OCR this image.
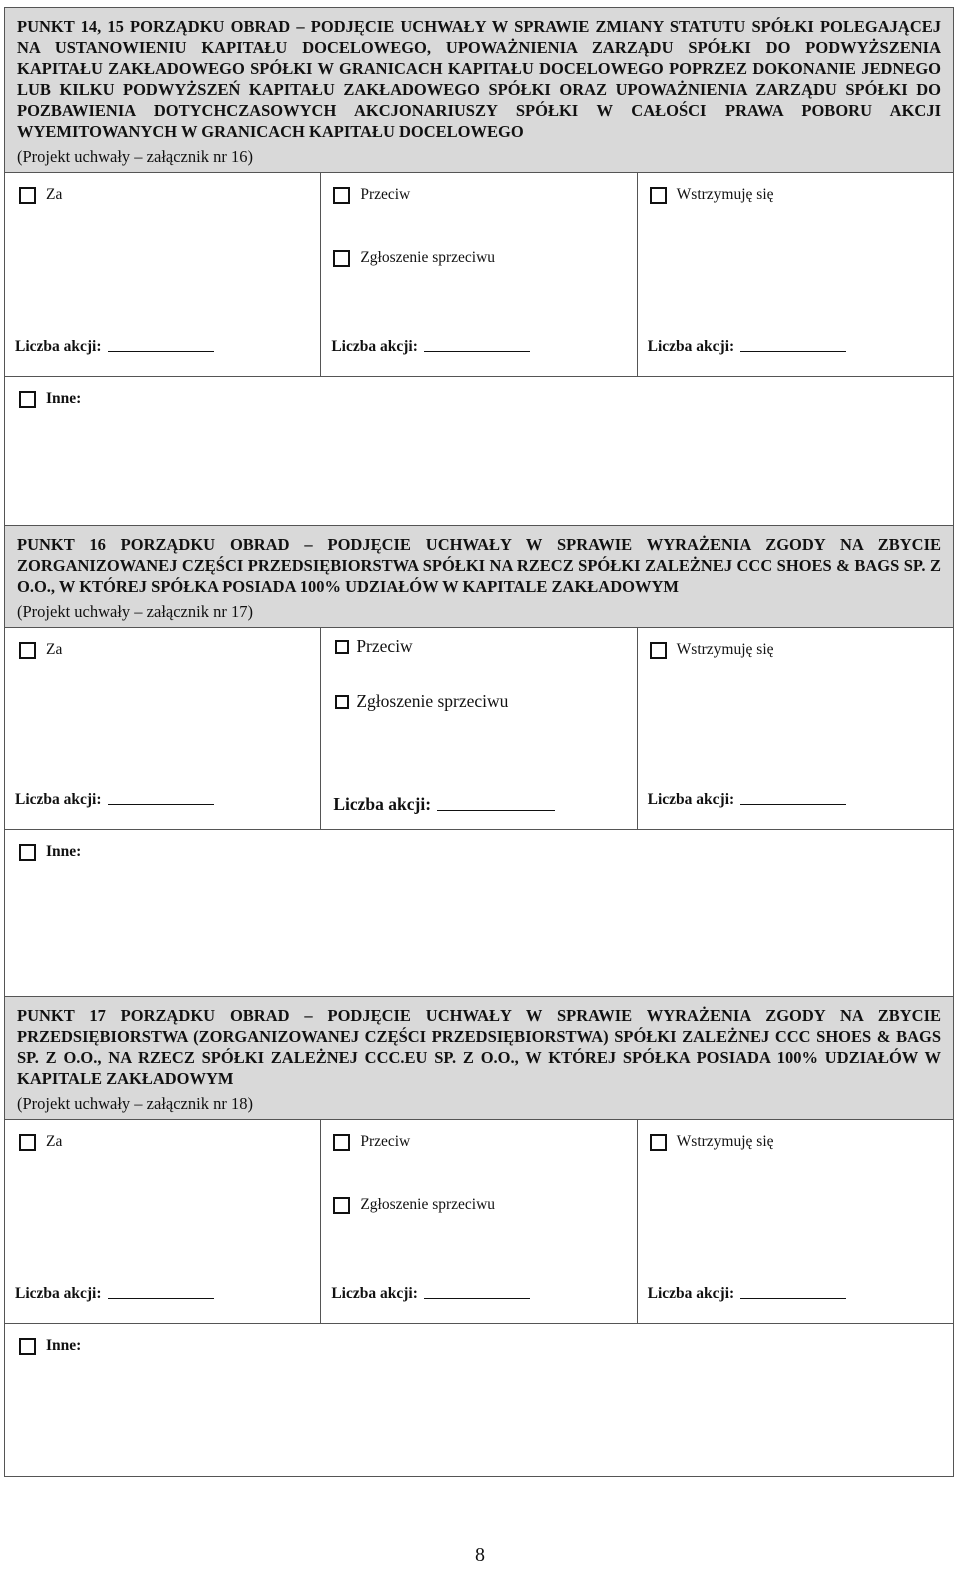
PUNKT 14, 15 PORZĄDKU OBRAD – PODJĘCIE UCHWAŁY W SPRAWIE ZMIANY STATUTU SPÓŁKI POLEGAJĄCEJ NA USTANOWIENIU KAPITAŁU DOCELOWEGO, UPOWAŻNIENIA ZARZĄDU SPÓŁKI DO PODWYŻSZENIA KAPITAŁU ZAKŁADOWEGO SPÓŁKI W GRANICACH KAPITAŁU DOCELOWEGO POPRZEZ DOKONANIE JEDNEGO LUB KILKU PODWYŻSZEŃ KAPITAŁU ZAKŁADOWEGO SPÓŁKI ORAZ UPOWAŻNIENIA ZARZĄDU SPÓŁKI DO POZBAWIENIA DOTYCHCZASOWYCH AKCJONARIUSZY SPÓŁKI W CAŁOŚCI PRAWA POBORU AKCJI WYEMITOWANYCH W GRANICACH KAPITAŁU DOCELOWEGO
(Projekt uchwały – załącznik nr 16)

Za
Liczba akcji:

Przeciw
Zgłoszenie sprzeciwu
Liczba akcji:

Wstrzymuję się
Liczba akcji:

Inne:
PUNKT 16 PORZĄDKU OBRAD – PODJĘCIE UCHWAŁY W SPRAWIE WYRAŻENIA ZGODY NA ZBYCIE ZORGANIZOWANEJ CZĘŚCI PRZEDSIĘBIORSTWA SPÓŁKI NA RZECZ SPÓŁKI ZALEŻNEJ CCC SHOES & BAGS SP. Z O.O., W KTÓREJ SPÓŁKA POSIADA 100% UDZIAŁÓW W KAPITALE ZAKŁADOWYM
(Projekt uchwały – załącznik nr 17)

Za
Liczba akcji:

Przeciw
Zgłoszenie sprzeciwu
Liczba akcji:

Wstrzymuję się
Liczba akcji:

Inne:
PUNKT 17 PORZĄDKU OBRAD – PODJĘCIE UCHWAŁY W SPRAWIE WYRAŻENIA ZGODY NA ZBYCIE PRZEDSIĘBIORSTWA (ZORGANIZOWANEJ CZĘŚCI PRZEDSIĘBIORSTWA) SPÓŁKI ZALEŻNEJ CCC SHOES & BAGS SP. Z O.O., NA RZECZ SPÓŁKI ZALEŻNEJ CCC.EU SP. Z O.O., W KTÓREJ SPÓŁKA POSIADA 100% UDZIAŁÓW W KAPITALE ZAKŁADOWYM
(Projekt uchwały – załącznik nr 18)

Za
Liczba akcji:

Przeciw
Zgłoszenie sprzeciwu
Liczba akcji:

Wstrzymuję się
Liczba akcji:

Inne:
8
